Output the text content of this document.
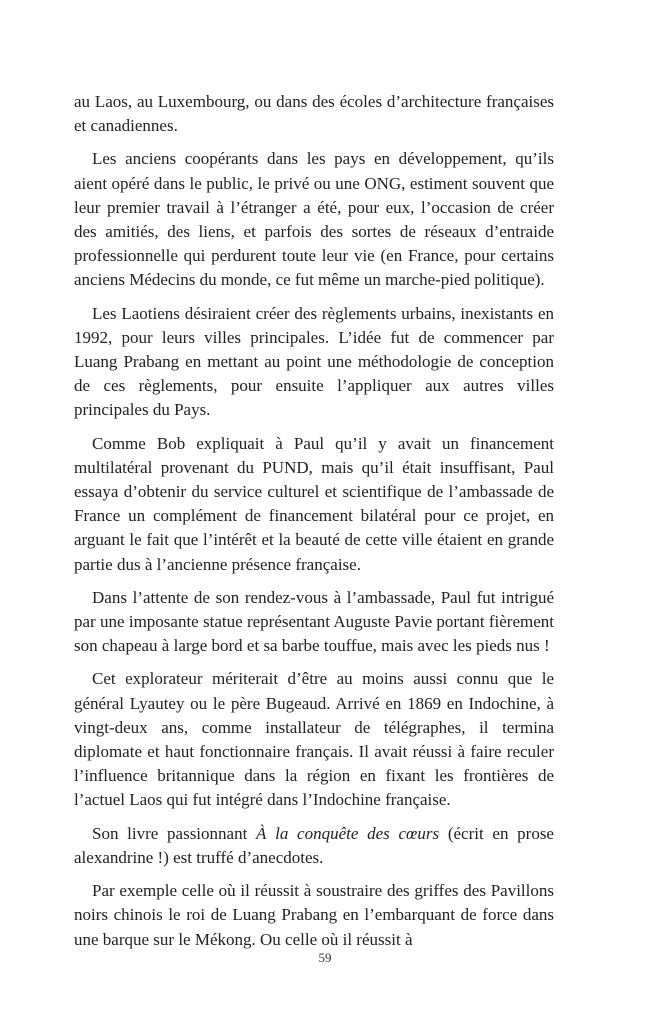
au Laos, au Luxembourg, ou dans des écoles d’architecture françaises et canadiennes.

Les anciens coopérants dans les pays en développement, qu’ils aient opéré dans le public, le privé ou une ONG, estiment souvent que leur premier travail à l’étranger a été, pour eux, l’occasion de créer des amitiés, des liens, et parfois des sortes de réseaux d’entraide professionnelle qui perdurent toute leur vie (en France, pour certains anciens Médecins du monde, ce fut même un marche-pied politique).

Les Laotiens désiraient créer des règlements urbains, inexistants en 1992, pour leurs villes principales. L’idée fut de commencer par Luang Prabang en mettant au point une méthodologie de conception de ces règlements, pour ensuite l’appliquer aux autres villes principales du Pays.

Comme Bob expliquait à Paul qu’il y avait un financement multilatéral provenant du PUND, mais qu’il était insuffisant, Paul essaya d’obtenir du service culturel et scientifique de l’ambassade de France un complément de financement bilatéral pour ce projet, en arguant le fait que l’intérêt et la beauté de cette ville étaient en grande partie dus à l’ancienne présence française.

Dans l’attente de son rendez-vous à l’ambassade, Paul fut intrigué par une imposante statue représentant Auguste Pavie portant fièrement son chapeau à large bord et sa barbe touffue, mais avec les pieds nus !

Cet explorateur mériterait d’être au moins aussi connu que le général Lyautey ou le père Bugeaud. Arrivé en 1869 en Indochine, à vingt-deux ans, comme installateur de télégraphes, il termina diplomate et haut fonctionnaire français. Il avait réussi à faire reculer l’influence britannique dans la région en fixant les frontières de l’actuel Laos qui fut intégré dans l’Indochine française.

Son livre passionnant À la conquête des cœurs (écrit en prose alexandrine !) est truffé d’anecdotes.

Par exemple celle où il réussit à soustraire des griffes des Pavillons noirs chinois le roi de Luang Prabang en l’embarquant de force dans une barque sur le Mékong. Ou celle où il réussit à

59
